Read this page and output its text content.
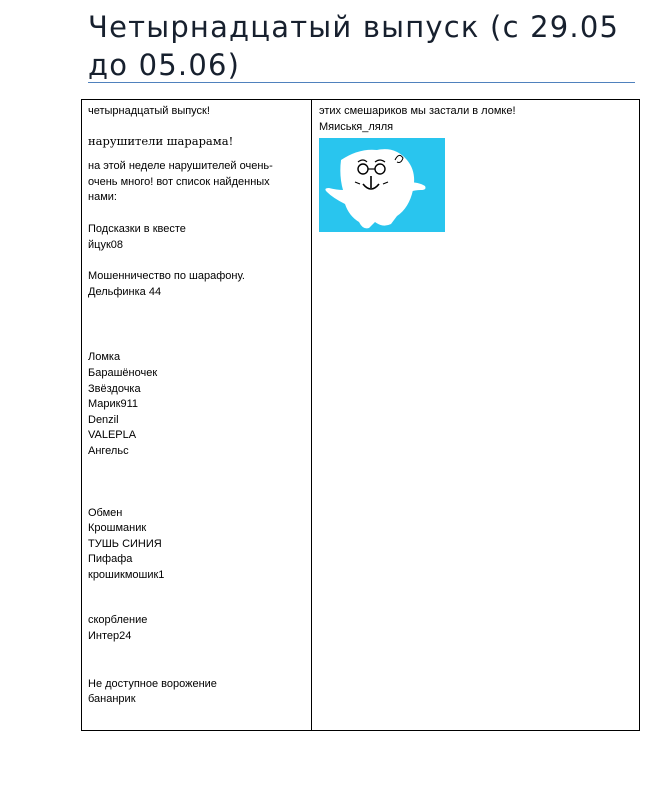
Четырнадцатый выпуск (с 29.05 до 05.06)

четырнадцатый выпуск!

нарушители шарарама!

на этой неделе нарушителей очень-очень много! вот список найденных нами:

Подсказки в квесте

йцук08

Мошенничество по шарафону.

Дельфинка 44

Ломка

Барашёночек

Звёздочка

Марик911

Denzil

VALEPLA

Ангельс

Обмен

Крошманик

ТУШЬ СИНИЯ

Пифафа

крошикмошик1

скорбление

Интер24

Не доступное ворожение

бананрик

этих смешариков мы застали в ломке!

Мяиськя_ляля
